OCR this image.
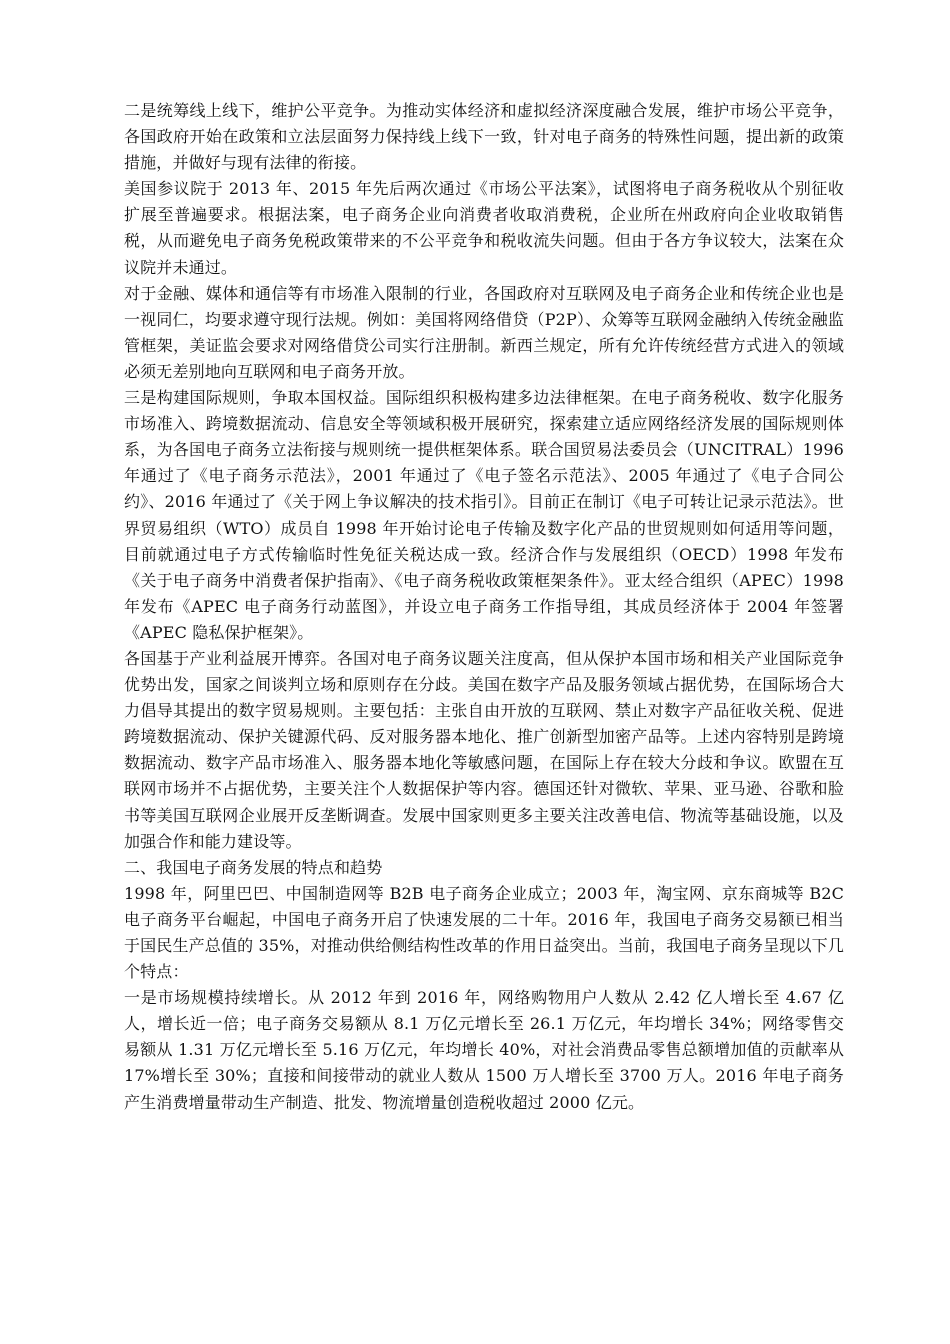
二是统筹线上线下，维护公平竞争。为推动实体经济和虚拟经济深度融合发展，维护市场公平竞争，各国政府开始在政策和立法层面努力保持线上线下一致，针对电子商务的特殊性问题，提出新的政策措施，并做好与现有法律的衔接。

美国参议院于 2013 年、2015 年先后两次通过《市场公平法案》，试图将电子商务税收从个别征收扩展至普遍要求。根据法案，电子商务企业向消费者收取消费税，企业所在州政府向企业收取销售税，从而避免电子商务免税政策带来的不公平竞争和税收流失问题。但由于各方争议较大，法案在众议院并未通过。

对于金融、媒体和通信等有市场准入限制的行业，各国政府对互联网及电子商务企业和传统企业也是一视同仁，均要求遵守现行法规。例如：美国将网络借贷（P2P）、众筹等互联网金融纳入传统金融监管框架，美证监会要求对网络借贷公司实行注册制。新西兰规定，所有允许传统经营方式进入的领域必须无差别地向互联网和电子商务开放。

三是构建国际规则，争取本国权益。国际组织积极构建多边法律框架。在电子商务税收、数字化服务市场准入、跨境数据流动、信息安全等领域积极开展研究，探索建立适应网络经济发展的国际规则体系，为各国电子商务立法衔接与规则统一提供框架体系。联合国贸易法委员会（UNCITRAL）1996 年通过了《电子商务示范法》，2001 年通过了《电子签名示范法》、2005 年通过了《电子合同公约》、2016 年通过了《关于网上争议解决的技术指引》。目前正在制订《电子可转让记录示范法》。世界贸易组织（WTO）成员自 1998 年开始讨论电子传输及数字化产品的世贸规则如何适用等问题，目前就通过电子方式传输临时性免征关税达成一致。经济合作与发展组织（OECD）1998 年发布《关于电子商务中消费者保护指南》、《电子商务税收政策框架条件》。亚太经合组织（APEC）1998 年发布《APEC 电子商务行动蓝图》，并设立电子商务工作指导组，其成员经济体于 2004 年签署《APEC 隐私保护框架》。

各国基于产业利益展开博弈。各国对电子商务议题关注度高，但从保护本国市场和相关产业国际竞争优势出发，国家之间谈判立场和原则存在分歧。美国在数字产品及服务领域占据优势，在国际场合大力倡导其提出的数字贸易规则。主要包括：主张自由开放的互联网、禁止对数字产品征收关税、促进跨境数据流动、保护关键源代码、反对服务器本地化、推广创新型加密产品等。上述内容特别是跨境数据流动、数字产品市场准入、服务器本地化等敏感问题，在国际上存在较大分歧和争议。欧盟在互联网市场并不占据优势，主要关注个人数据保护等内容。德国还针对微软、苹果、亚马逊、谷歌和脸书等美国互联网企业展开反垄断调查。发展中国家则更多主要关注改善电信、物流等基础设施，以及加强合作和能力建设等。

二、我国电子商务发展的特点和趋势

1998 年，阿里巴巴、中国制造网等 B2B 电子商务企业成立；2003 年，淘宝网、京东商城等 B2C 电子商务平台崛起，中国电子商务开启了快速发展的二十年。2016 年，我国电子商务交易额已相当于国民生产总值的 35%，对推动供给侧结构性改革的作用日益突出。当前，我国电子商务呈现以下几个特点：

一是市场规模持续增长。从 2012 年到 2016 年，网络购物用户人数从 2.42 亿人增长至 4.67 亿人，增长近一倍；电子商务交易额从 8.1 万亿元增长至 26.1 万亿元，年均增长 34%；网络零售交易额从 1.31 万亿元增长至 5.16 万亿元，年均增长 40%，对社会消费品零售总额增加值的贡献率从 17%增长至 30%；直接和间接带动的就业人数从 1500 万人增长至 3700 万人。2016 年电子商务产生消费增量带动生产制造、批发、物流增量创造税收超过 2000 亿元。
